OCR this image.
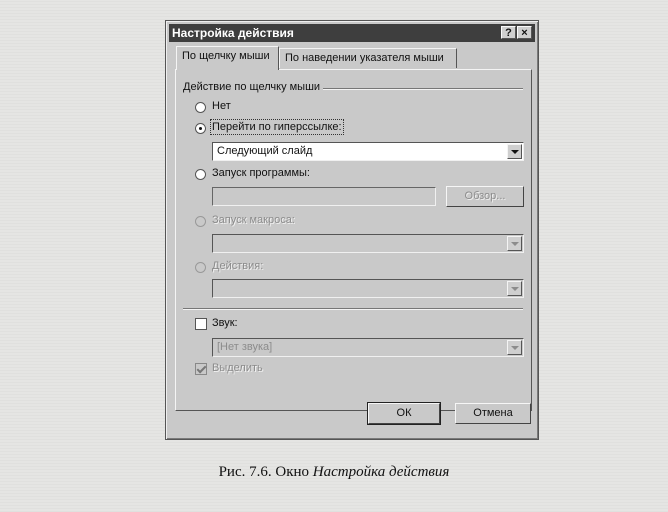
Настройка действия	? ×
По щелчку мыши	По наведении указателя мыши
Действие по щелчку мыши
Нет
Перейти по гиперссылке:
Следующий слайд
Запуск программы:
Обзор...
Запуск макроса:
Действия:
Звук:
[Нет звука]
Выделить
ОК	Отмена
Рис. 7.6. Окно Настройка действия
